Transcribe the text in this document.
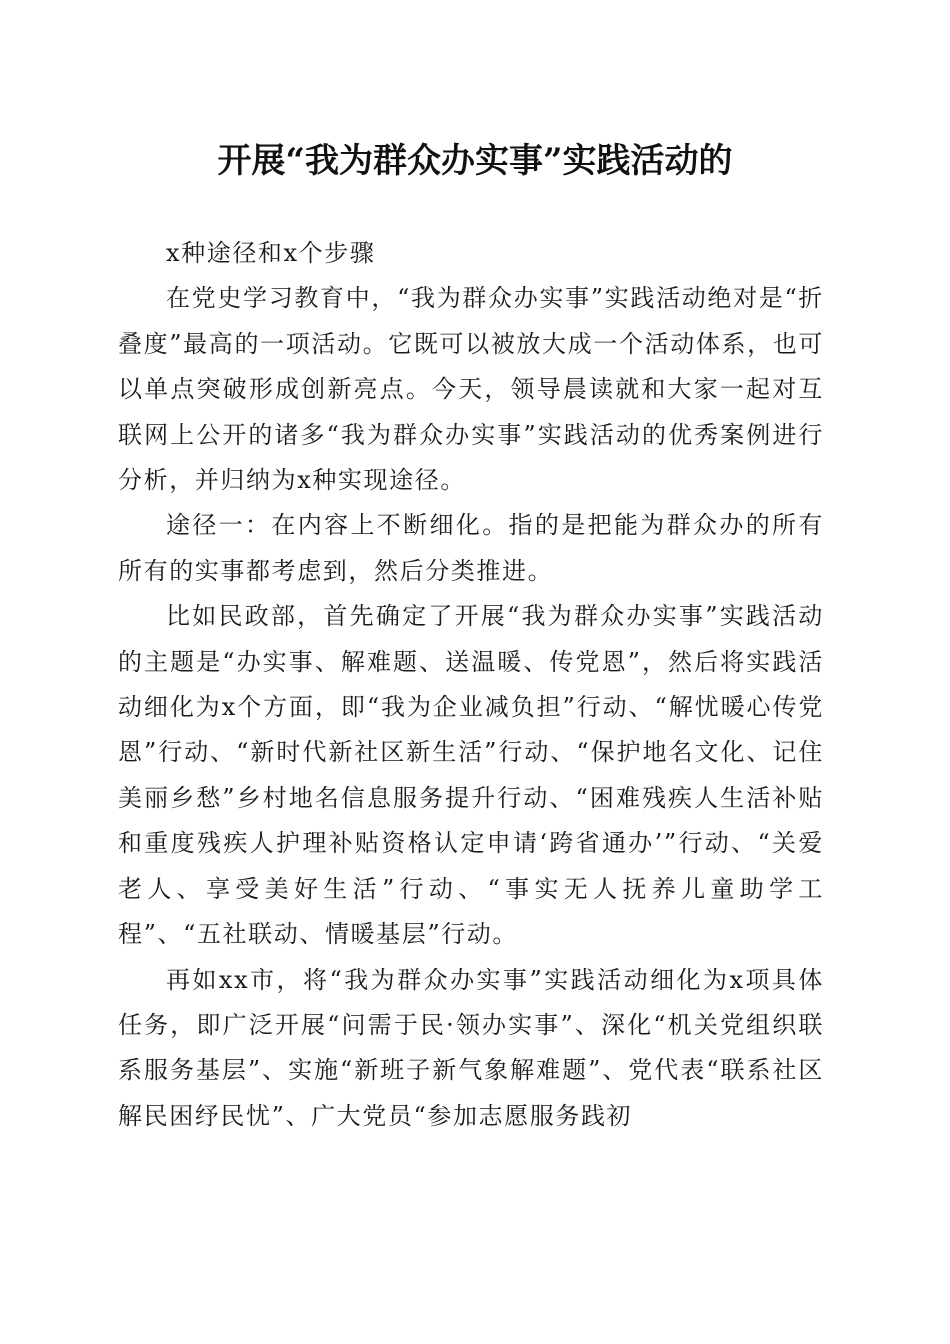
开展“我为群众办实事”实践活动的

x种途径和x个步骤

在党史学习教育中，“我为群众办实事”实践活动绝对是“折叠度”最高的一项活动。它既可以被放大成一个活动体系，也可以单点突破形成创新亮点。今天，领导晨读就和大家一起对互联网上公开的诸多“我为群众办实事”实践活动的优秀案例进行分析，并归纳为x种实现途径。

途径一：在内容上不断细化。指的是把能为群众办的所有所有的实事都考虑到，然后分类推进。

比如民政部，首先确定了开展“我为群众办实事”实践活动的主题是“办实事、解难题、送温暖、传党恩”，然后将实践活动细化为x个方面，即“我为企业减负担”行动、“解忧暖心传党恩”行动、“新时代新社区新生活”行动、“保护地名文化、记住美丽乡愁”乡村地名信息服务提升行动、“困难残疾人生活补贴和重度残疾人护理补贴资格认定申请‘跨省通办’”行动、“关爱老人、享受美好生活”行动、“事实无人抚养儿童助学工程”、“五社联动、情暖基层”行动。

再如xx市，将“我为群众办实事”实践活动细化为x项具体任务，即广泛开展“问需于民·领办实事”、深化“机关党组织联系服务基层”、实施“新班子新气象解难题”、党代表“联系社区解民困纾民忧”、广大党员“参加志愿服务践初
